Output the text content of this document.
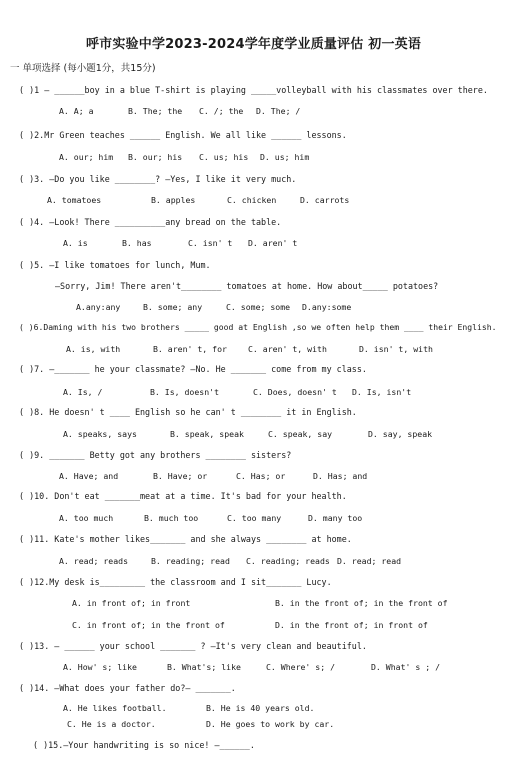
呼市实验中学2023-2024学年度学业质量评估 初一英语
一 单项选择 (每小题1分，共15分)
( )1 — ______boy in a blue T-shirt is playing _____volleyball with his classmates over there.
A. A; a	B. The; the C. /; the D. The; /
( )2.Mr Green teaches ______ English. We all like ______ lessons.
A. our; him B. our; his C. us; his D. us; him
( )3. —Do you like ________? —Yes, I like it very much.
A. tomatoes	B. apples	C. chicken	D. carrots
( )4. —Look! There __________any bread on the table.
A. is	B. has	C. isn' t D. aren' t
( )5. —I like tomatoes for lunch, Mum.
—Sorry, Jim! There aren't________ tomatoes at home. How about_____ potatoes?
A.any:any	B. some; any	C. some; some D.any:some
( )6.Daming with his two brothers _____ good at English ,so we often help them ____ their English.
A. is, with	B. aren' t, for	C. aren' t, with	D. isn' t, with
( )7. —_______ he your classmate? —No. He _______ come from my class.
A. Is, /	B. Is, doesn't	C. Does, doesn' t D. Is, isn't
( )8. He doesn' t ____ English so he can' t ________ it in English.
A. speaks, says	B. speak, speak	C. speak, say	D. say, speak
( )9. _______ Betty got any brothers ________ sisters?
A. Have; and	B. Have; or	C. Has; or	D. Has; and
( )10. Don't eat _______meat at a time. It's bad for your health.
A. too much	B. much too	C. too many	D. many too
( )11. Kate's mother likes_______ and she always ________ at home.
A. read; reads	B. reading; read C. reading; reads D. read; read
( )12.My desk is_________ the classroom and I sit_______ Lucy.
A. in front of; in front	B. in the front of; in the front of
C. in front of; in the front of	D. in the front of; in front of
( )13. — ______ your school _______ ? —It's very clean and beautiful.
A. How' s; like	B. What's; like	C. Where' s; /	D. What' s ; /
( )14. —What does your father do?— _______.
A. He likes football.	B. He is 40 years old.
C. He is a doctor.	D. He goes to work by car.
( )15.—Your handwriting is so nice! —______.
